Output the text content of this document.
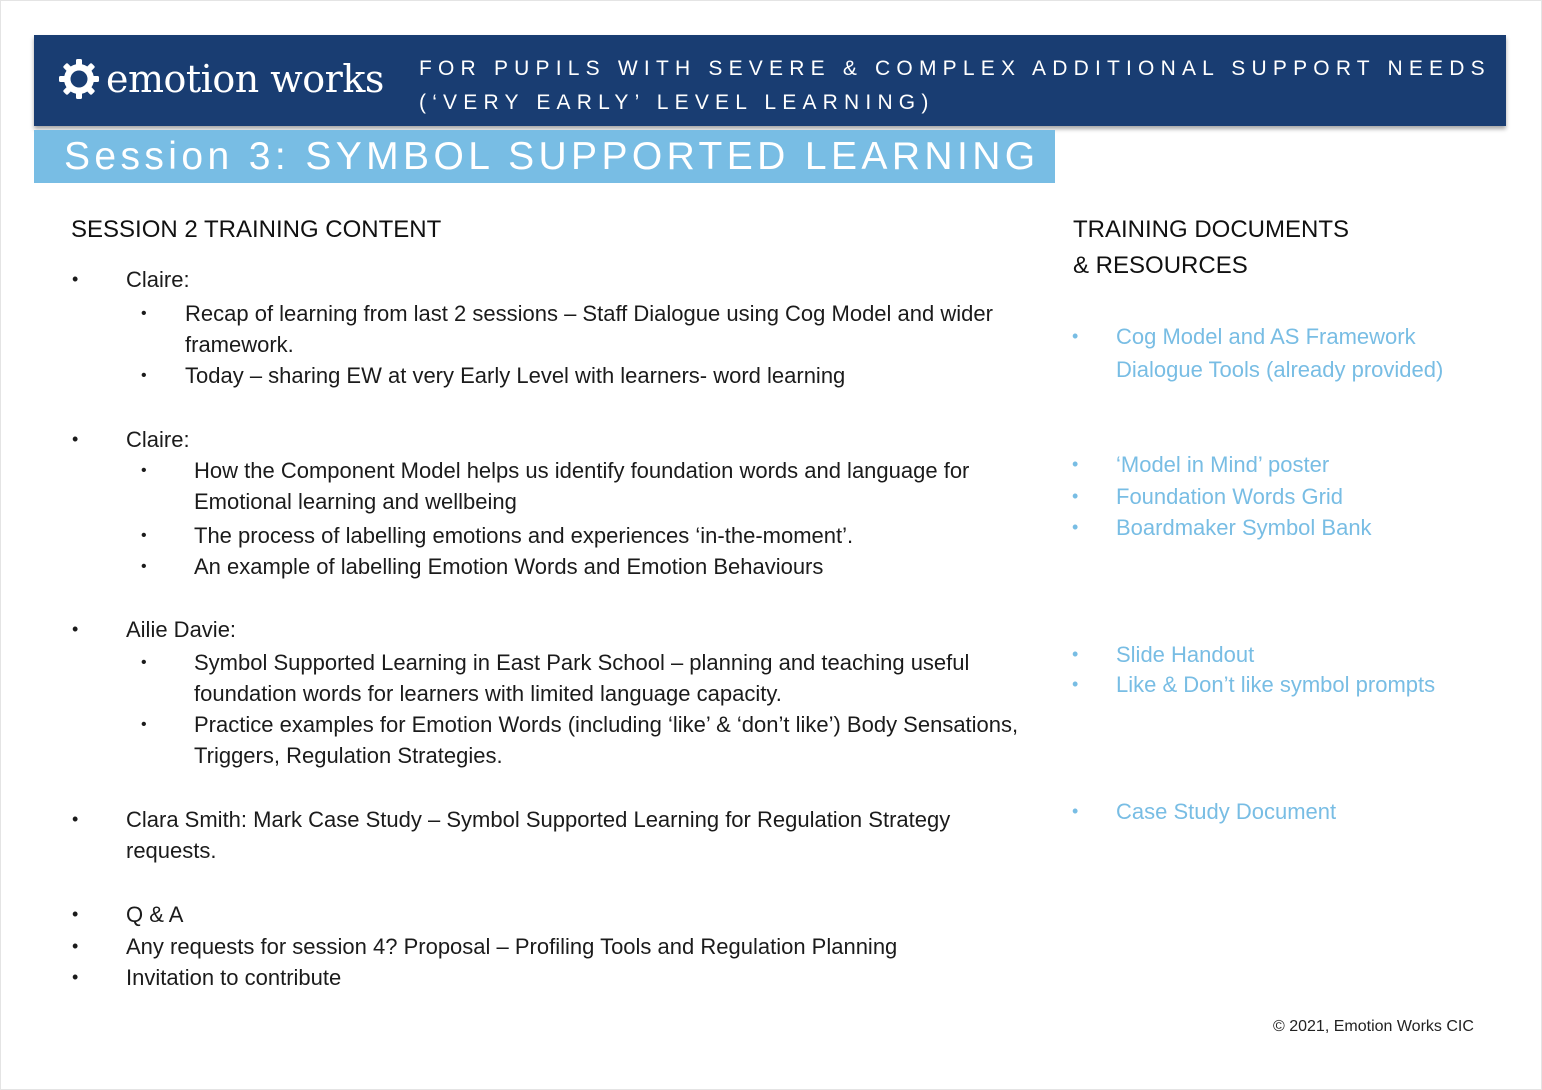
emotion works FOR PUPILS WITH SEVERE & COMPLEX ADDITIONAL SUPPORT NEEDS
(‘VERY EARLY’ LEVEL LEARNING)
Session 3: SYMBOL SUPPORTED LEARNING
SESSION 2 TRAINING CONTENT
• Claire:
• Recap of learning from last 2 sessions – Staff Dialogue using Cog Model and wider framework.
• Today – sharing EW at very Early Level with learners- word learning
• Claire:
• How the Component Model helps us identify foundation words and language for Emotional learning and wellbeing
• The process of labelling emotions and experiences ‘in-the-moment’.
• An example of labelling Emotion Words and Emotion Behaviours
• Ailie Davie:
• Symbol Supported Learning in East Park School – planning and teaching useful foundation words for learners with limited language capacity.
• Practice examples for Emotion Words (including ‘like’ & ‘don’t like’) Body Sensations, Triggers, Regulation Strategies.
• Clara Smith: Mark Case Study – Symbol Supported Learning for Regulation Strategy requests.
• Q & A
• Any requests for session 4? Proposal – Profiling Tools and Regulation Planning
• Invitation to contribute
TRAINING DOCUMENTS
& RESOURCES
• Cog Model and AS Framework Dialogue Tools (already provided)
• ‘Model in Mind’ poster
• Foundation Words Grid
• Boardmaker Symbol Bank
• Slide Handout
• Like & Don’t like symbol prompts
• Case Study Document
© 2021, Emotion Works CIC
